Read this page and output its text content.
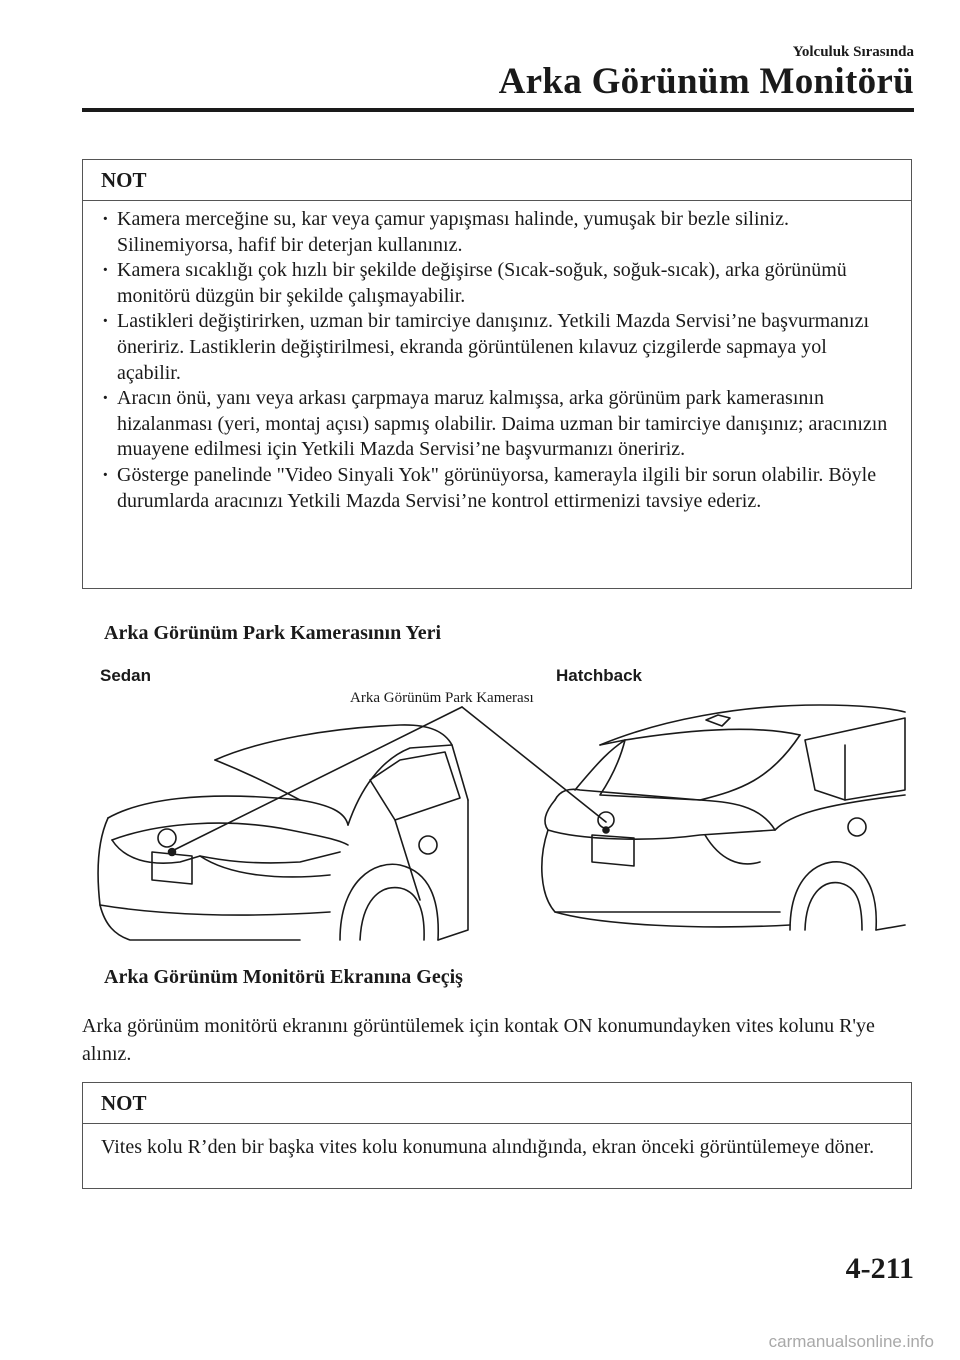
Yolculuk Sırasında
Arka Görünüm Monitörü
NOT
· Kamera merceğine su, kar veya çamur yapışması halinde, yumuşak bir bezle siliniz. Silinemiyorsa, hafif bir deterjan kullanınız.
· Kamera sıcaklığı çok hızlı bir şekilde değişirse (Sıcak-soğuk, soğuk-sıcak), arka görünümü monitörü düzgün bir şekilde çalışmayabilir.
· Lastikleri değiştirirken, uzman bir tamirciye danışınız. Yetkili Mazda Servisi’ne başvurmanızı öneririz. Lastiklerin değiştirilmesi, ekranda görüntülenen kılavuz çizgilerde sapmaya yol açabilir.
· Aracın önü, yanı veya arkası çarpmaya maruz kalmışsa, arka görünüm park kamerasının hizalanması (yeri, montaj açısı) sapmış olabilir. Daima uzman bir tamirciye danışınız; aracınızın muayene edilmesi için Yetkili Mazda Servisi’ne başvurmanızı öneririz.
· Gösterge panelinde "Video Sinyali Yok" görünüyorsa, kamerayla ilgili bir sorun olabilir. Böyle durumlarda aracınızı Yetkili Mazda Servisi’ne kontrol ettirmenizi tavsiye ederiz.
Arka Görünüm Park Kamerasının Yeri
Sedan	Hatchback
Arka Görünüm Park Kamerası
Arka Görünüm Monitörü Ekranına Geçiş
Arka görünüm monitörü ekranını görüntülemek için kontak ON konumundayken vites kolunu R'ye alınız.
NOT
Vites kolu R’den bir başka vites kolu konumuna alındığında, ekran önceki görüntülemeye döner.
4-211
carmanualsonline.info
